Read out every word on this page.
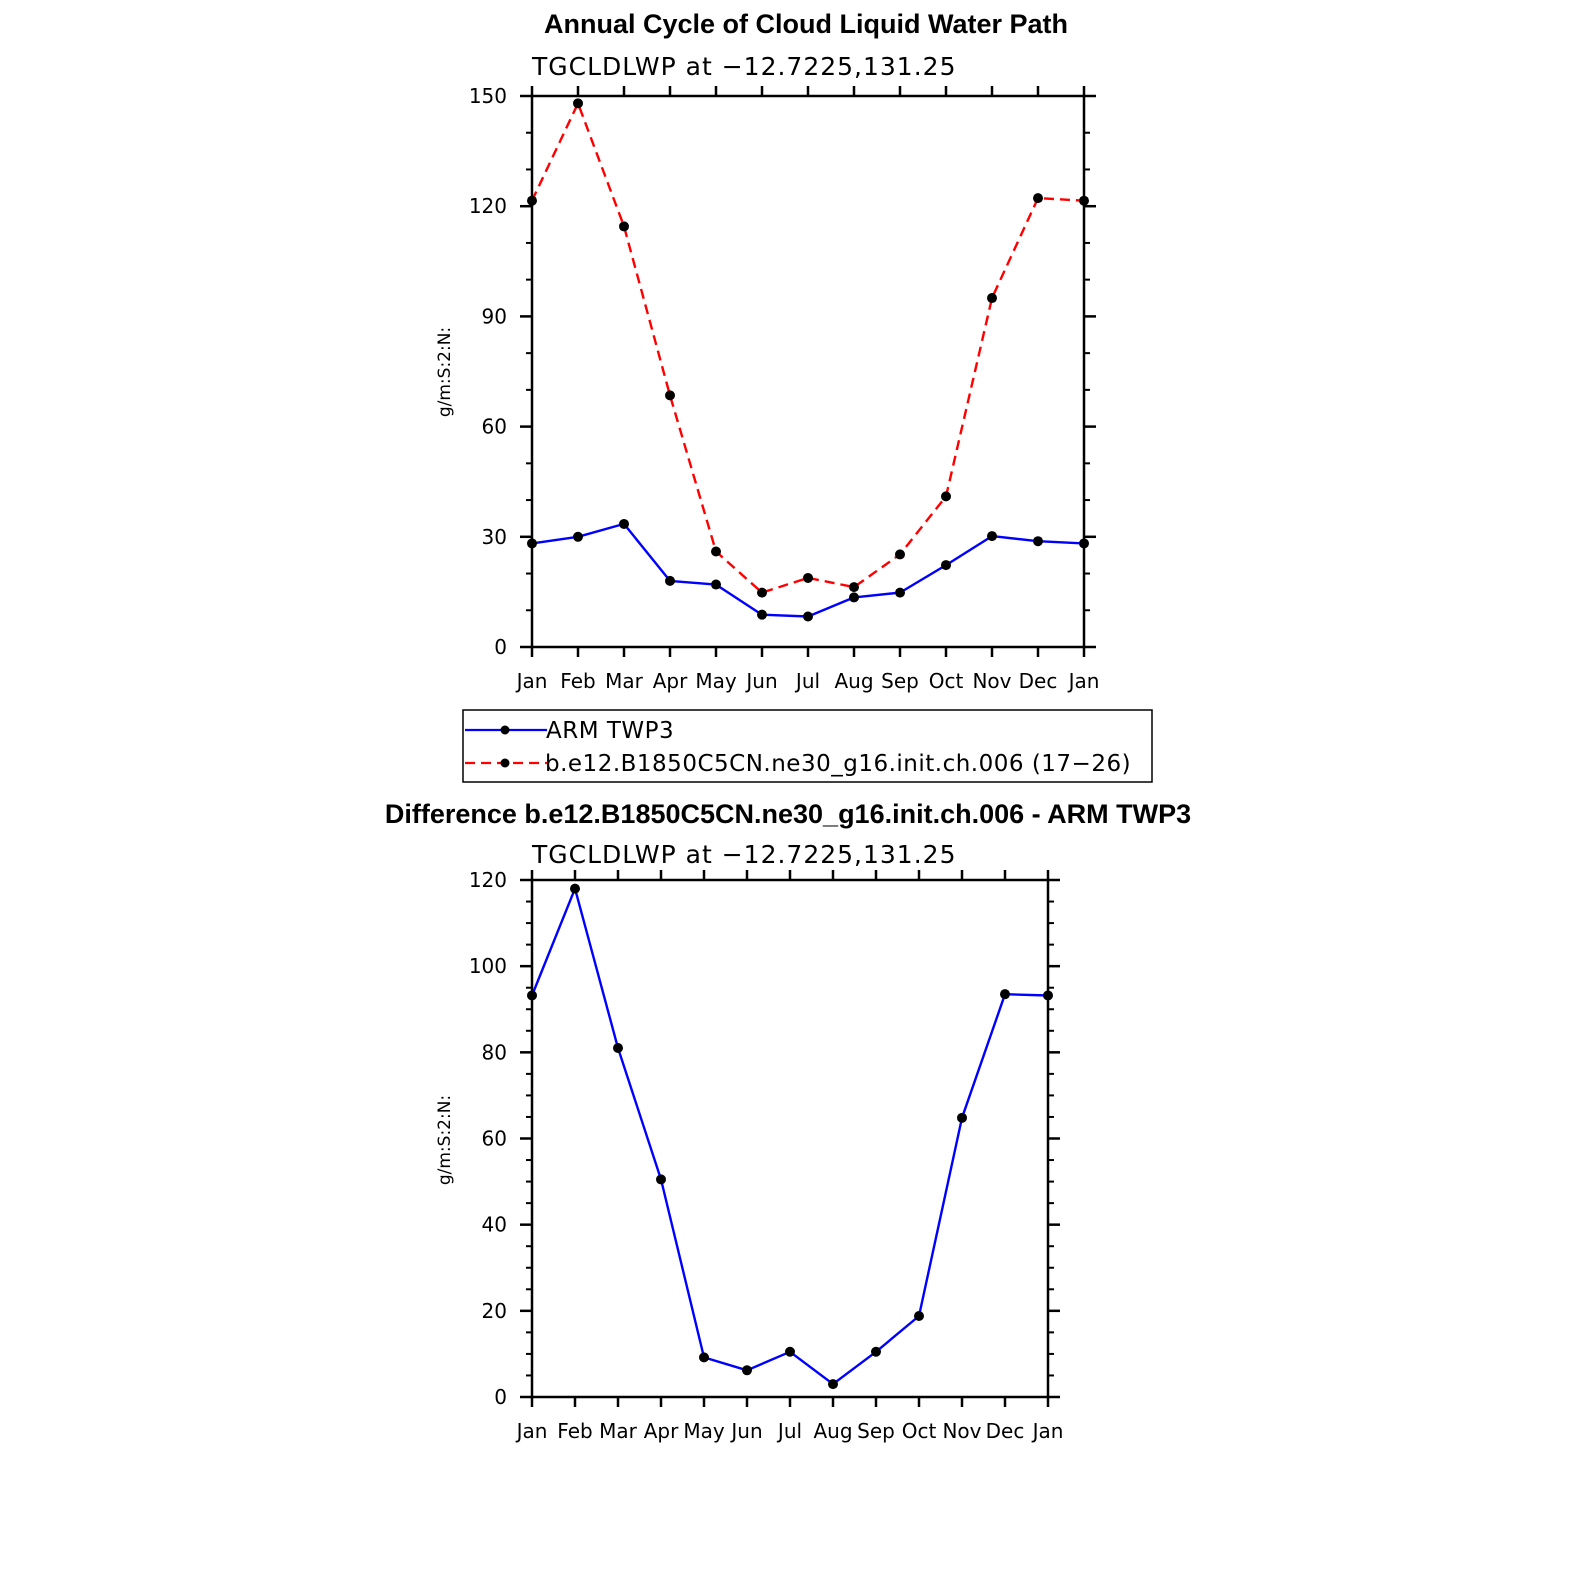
Annual Cycle of Cloud Liquid Water Path
TGCLDLWP at −12.7225,131.25
g/m:S:2:N:
Jan Feb Mar Apr May Jun Jul Aug Sep Oct Nov Dec Jan
0
30
60
90
120
150
ARM TWP3
b.e12.B1850C5CN.ne30_g16.init.ch.006 (17−26)
Difference b.e12.B1850C5CN.ne30_g16.init.ch.006 - ARM TWP3
TGCLDLWP at −12.7225,131.25
g/m:S:2:N:
Jan Feb Mar Apr May Jun Jul Aug Sep Oct Nov Dec Jan
0
20
40
60
80
100
120
